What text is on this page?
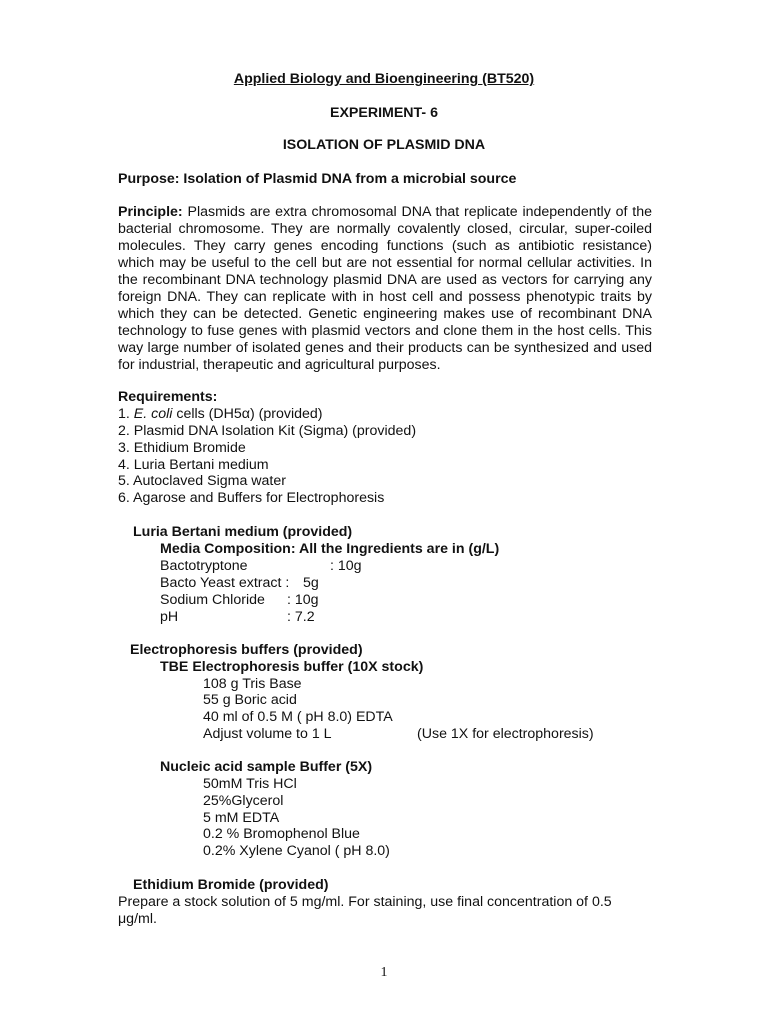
Applied Biology and Bioengineering (BT520)
EXPERIMENT- 6
ISOLATION OF PLASMID DNA
Purpose: Isolation of Plasmid DNA from a microbial source
Principle: Plasmids are extra chromosomal DNA that replicate independently of the
bacterial chromosome. They are normally covalently closed, circular, super-coiled
molecules. They carry genes encoding functions (such as antibiotic resistance)
which may be useful to the cell but are not essential for normal cellular activities. In
the recombinant DNA technology plasmid DNA are used as vectors for carrying any
foreign DNA. They can replicate with in host cell and possess phenotypic traits by
which they can be detected. Genetic engineering makes use of recombinant DNA
technology to fuse genes with plasmid vectors and clone them in the host cells. This
way large number of isolated genes and their products can be synthesized and used
for industrial, therapeutic and agricultural purposes.
Requirements:
1. E. coli cells (DH5α) (provided)
2. Plasmid DNA Isolation Kit (Sigma) (provided)
3. Ethidium Bromide
4. Luria Bertani medium
5. Autoclaved Sigma water
6. Agarose and Buffers for Electrophoresis
Luria Bertani medium (provided)
Media Composition: All the Ingredients are in (g/L)
Bactotryptone	: 10g
Bacto Yeast extract : 5g
Sodium Chloride : 10g
pH	: 7.2
Electrophoresis buffers (provided)
TBE Electrophoresis buffer (10X stock)
108 g Tris Base
55 g Boric acid
40 ml of 0.5 M ( pH 8.0) EDTA
Adjust volume to 1 L	(Use 1X for electrophoresis)
Nucleic acid sample Buffer (5X)
50mM Tris HCl
25%Glycerol
5 mM EDTA
0.2 % Bromophenol Blue
0.2% Xylene Cyanol ( pH 8.0)
Ethidium Bromide (provided)
Prepare a stock solution of 5 mg/ml. For staining, use final concentration of 0.5
μg/ml.
1
